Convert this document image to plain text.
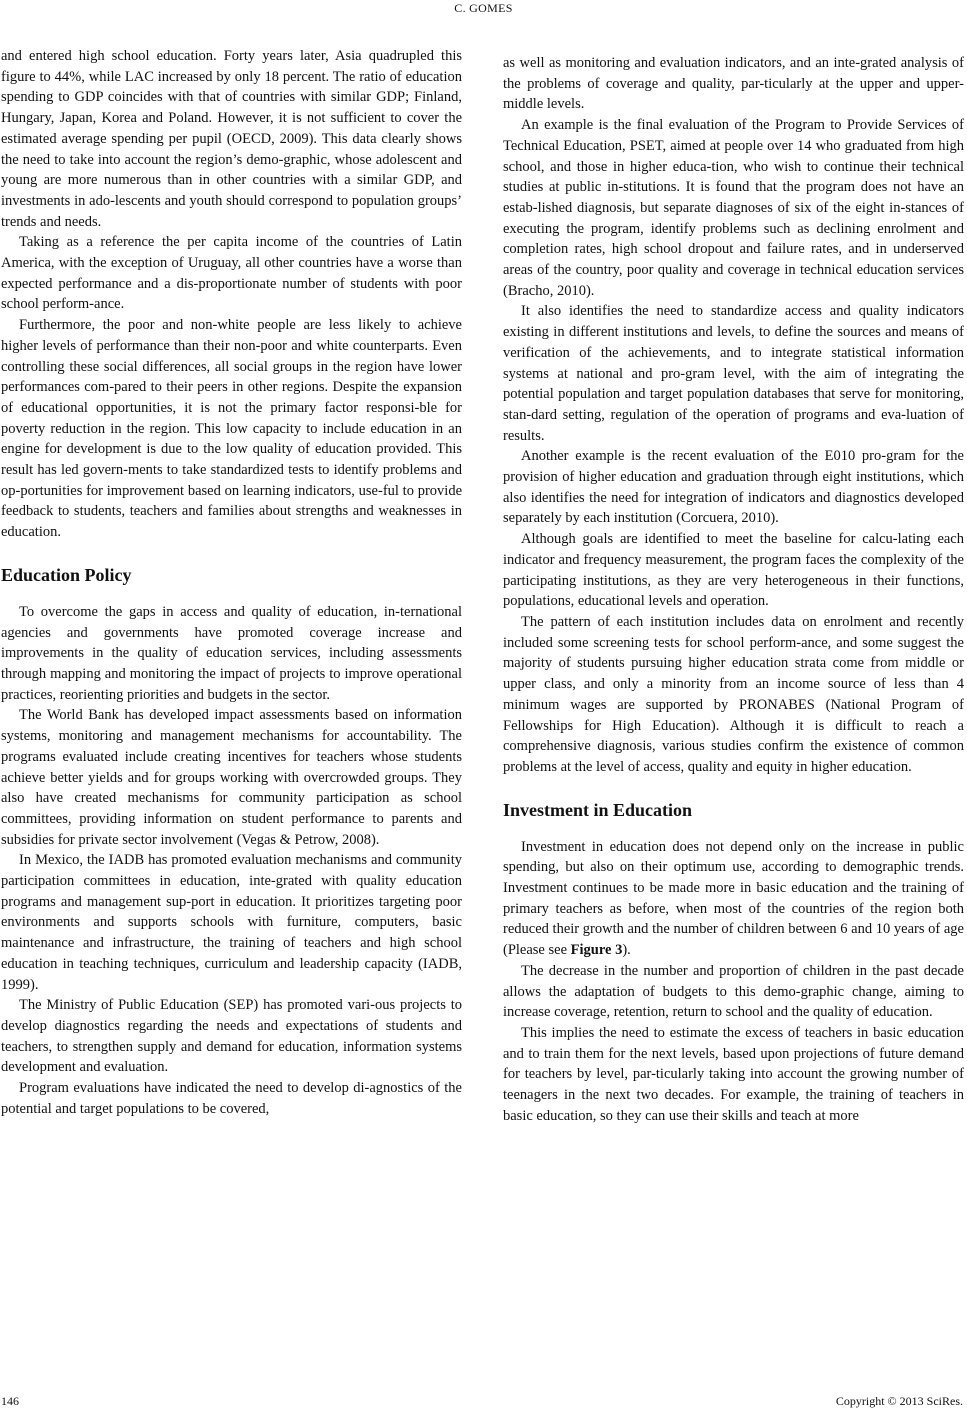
C. GOMES

and entered high school education. Forty years later, Asia quadrupled this figure to 44%, while LAC increased by only 18 percent. The ratio of education spending to GDP coincides with that of countries with similar GDP; Finland, Hungary, Japan, Korea and Poland. However, it is not sufficient to cover the estimated average spending per pupil (OECD, 2009). This data clearly shows the need to take into account the region’s demo-graphic, whose adolescent and young are more numerous than in other countries with a similar GDP, and investments in ado-lescents and youth should correspond to population groups’ trends and needs.

Taking as a reference the per capita income of the countries of Latin America, with the exception of Uruguay, all other countries have a worse than expected performance and a dis-proportionate number of students with poor school perform-ance.

Furthermore, the poor and non-white people are less likely to achieve higher levels of performance than their non-poor and white counterparts. Even controlling these social differences, all social groups in the region have lower performances com-pared to their peers in other regions. Despite the expansion of educational opportunities, it is not the primary factor responsi-ble for poverty reduction in the region. This low capacity to include education in an engine for development is due to the low quality of education provided. This result has led govern-ments to take standardized tests to identify problems and op-portunities for improvement based on learning indicators, use-ful to provide feedback to students, teachers and families about strengths and weaknesses in education.

Education Policy

To overcome the gaps in access and quality of education, in-ternational agencies and governments have promoted coverage increase and improvements in the quality of education services, including assessments through mapping and monitoring the impact of projects to improve operational practices, reorienting priorities and budgets in the sector.

The World Bank has developed impact assessments based on information systems, monitoring and management mechanisms for accountability. The programs evaluated include creating incentives for teachers whose students achieve better yields and for groups working with overcrowded groups. They also have created mechanisms for community participation as school committees, providing information on student performance to parents and subsidies for private sector involvement (Vegas & Petrow, 2008).

In Mexico, the IADB has promoted evaluation mechanisms and community participation committees in education, inte-grated with quality education programs and management sup-port in education. It prioritizes targeting poor environments and supports schools with furniture, computers, basic maintenance and infrastructure, the training of teachers and high school education in teaching techniques, curriculum and leadership capacity (IADB, 1999).

The Ministry of Public Education (SEP) has promoted vari-ous projects to develop diagnostics regarding the needs and expectations of students and teachers, to strengthen supply and demand for education, information systems development and evaluation.

Program evaluations have indicated the need to develop di-agnostics of the potential and target populations to be covered,

as well as monitoring and evaluation indicators, and an inte-grated analysis of the problems of coverage and quality, par-ticularly at the upper and upper-middle levels.

An example is the final evaluation of the Program to Provide Services of Technical Education, PSET, aimed at people over 14 who graduated from high school, and those in higher educa-tion, who wish to continue their technical studies at public in-stitutions. It is found that the program does not have an estab-lished diagnosis, but separate diagnoses of six of the eight in-stances of executing the program, identify problems such as declining enrolment and completion rates, high school dropout and failure rates, and in underserved areas of the country, poor quality and coverage in technical education services (Bracho, 2010).

It also identifies the need to standardize access and quality indicators existing in different institutions and levels, to define the sources and means of verification of the achievements, and to integrate statistical information systems at national and pro-gram level, with the aim of integrating the potential population and target population databases that serve for monitoring, stan-dard setting, regulation of the operation of programs and eva-luation of results.

Another example is the recent evaluation of the E010 pro-gram for the provision of higher education and graduation through eight institutions, which also identifies the need for integration of indicators and diagnostics developed separately by each institution (Corcuera, 2010).

Although goals are identified to meet the baseline for calcu-lating each indicator and frequency measurement, the program faces the complexity of the participating institutions, as they are very heterogeneous in their functions, populations, educational levels and operation.

The pattern of each institution includes data on enrolment and recently included some screening tests for school perform-ance, and some suggest the majority of students pursuing higher education strata come from middle or upper class, and only a minority from an income source of less than 4 minimum wages are supported by PRONABES (National Program of Fellowships for High Education). Although it is difficult to reach a comprehensive diagnosis, various studies confirm the existence of common problems at the level of access, quality and equity in higher education.

Investment in Education

Investment in education does not depend only on the increase in public spending, but also on their optimum use, according to demographic trends. Investment continues to be made more in basic education and the training of primary teachers as before, when most of the countries of the region both reduced their growth and the number of children between 6 and 10 years of age (Please see Figure 3).

The decrease in the number and proportion of children in the past decade allows the adaptation of budgets to this demo-graphic change, aiming to increase coverage, retention, return to school and the quality of education.

This implies the need to estimate the excess of teachers in basic education and to train them for the next levels, based upon projections of future demand for teachers by level, par-ticularly taking into account the growing number of teenagers in the next two decades. For example, the training of teachers in basic education, so they can use their skills and teach at more

146	Copyright © 2013 SciRes.
